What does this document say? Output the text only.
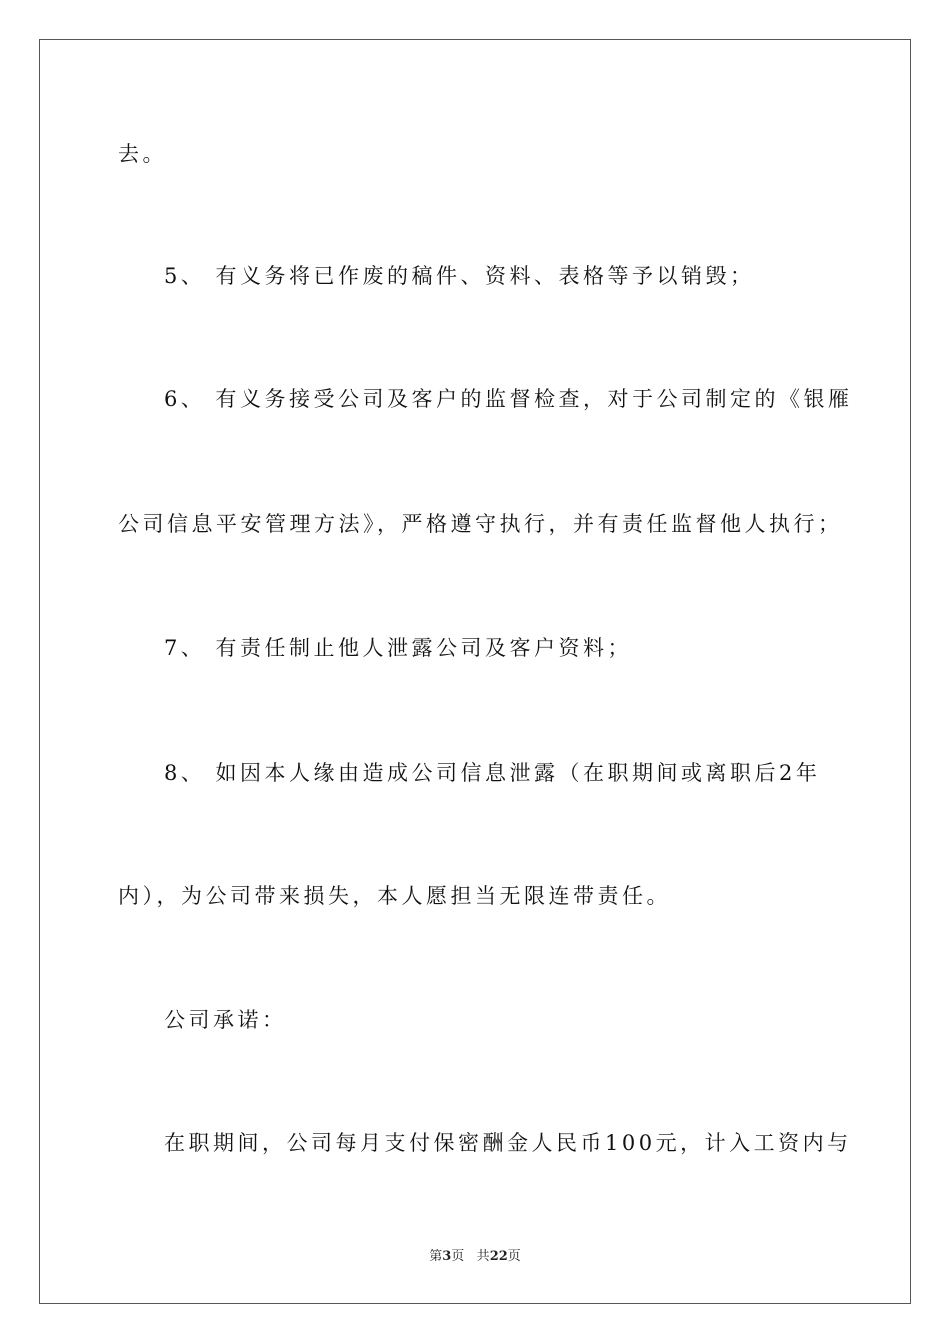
去。
5、 有义务将已作废的稿件、资料、表格等予以销毁；
6、 有义务接受公司及客户的监督检查，对于公司制定的《银雁
公司信息平安管理方法》，严格遵守执行，并有责任监督他人执行；
7、 有责任制止他人泄露公司及客户资料；
8、 如因本人缘由造成公司信息泄露（在职期间或离职后2年
内），为公司带来损失，本人愿担当无限连带责任。
公司承诺：
在职期间，公司每月支付保密酬金人民币100元，计入工资内与
第3页 共22页
